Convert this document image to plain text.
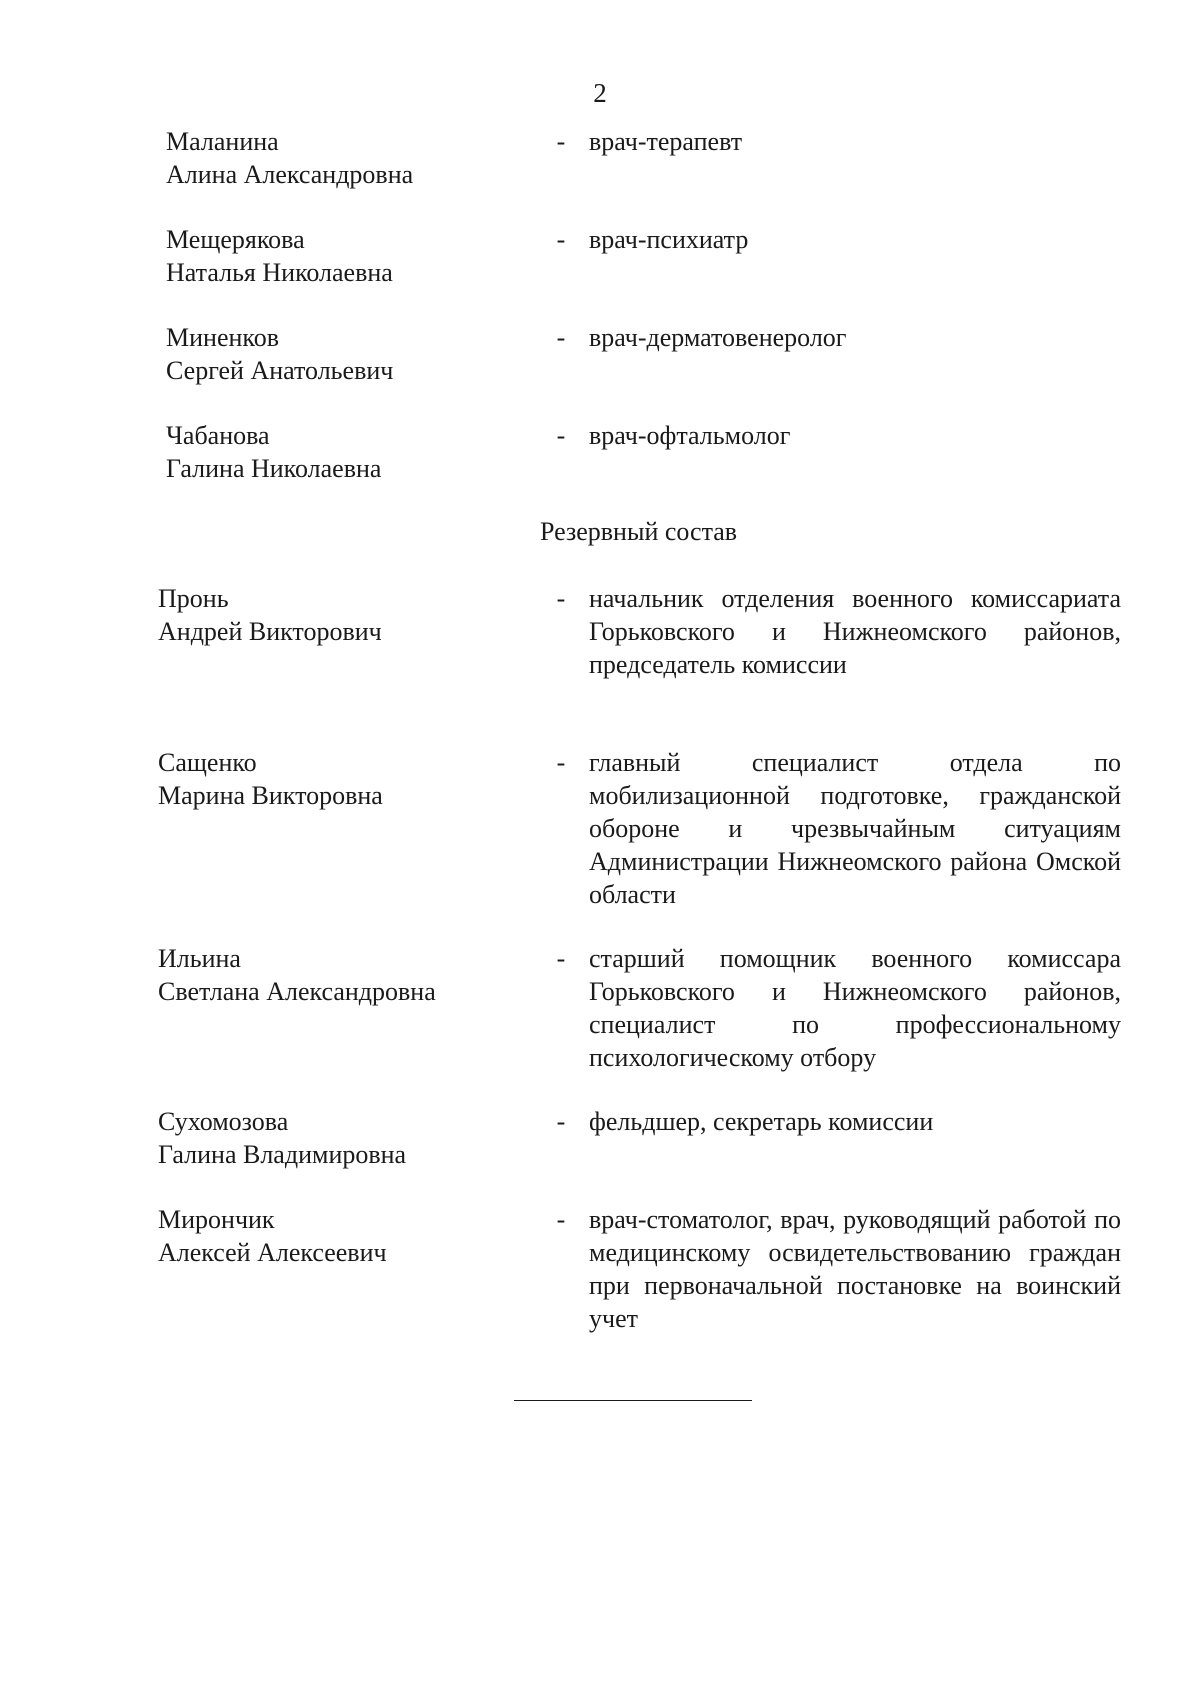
2
Маланина
Алина Александровна
- врач-терапевт
Мещерякова
Наталья Николаевна
- врач-психиатр
Миненков
Сергей Анатольевич
- врач-дерматовенеролог
Чабанова
Галина Николаевна
- врач-офтальмолог
Резервный состав
Пронь
Андрей Викторович
- начальник отделения военного комиссариата Горьковского и Нижнеомского районов, председатель комиссии
Сащенко
Марина Викторовна
- главный специалист отдела по мобилизационной подготовке, гражданской обороне и чрезвычайным ситуациям Администрации Нижнеомского района Омской области
Ильина
Светлана Александровна
- старший помощник военного комиссара Горьковского и Нижнеомского районов, специалист по профессиональному психологическому отбору
Сухомозова
Галина Владимировна
- фельдшер, секретарь комиссии
Мирончик
Алексей Алексеевич
- врач-стоматолог, врач, руководящий работой по медицинскому освидетельствованию граждан при первоначальной постановке на воинский учет
